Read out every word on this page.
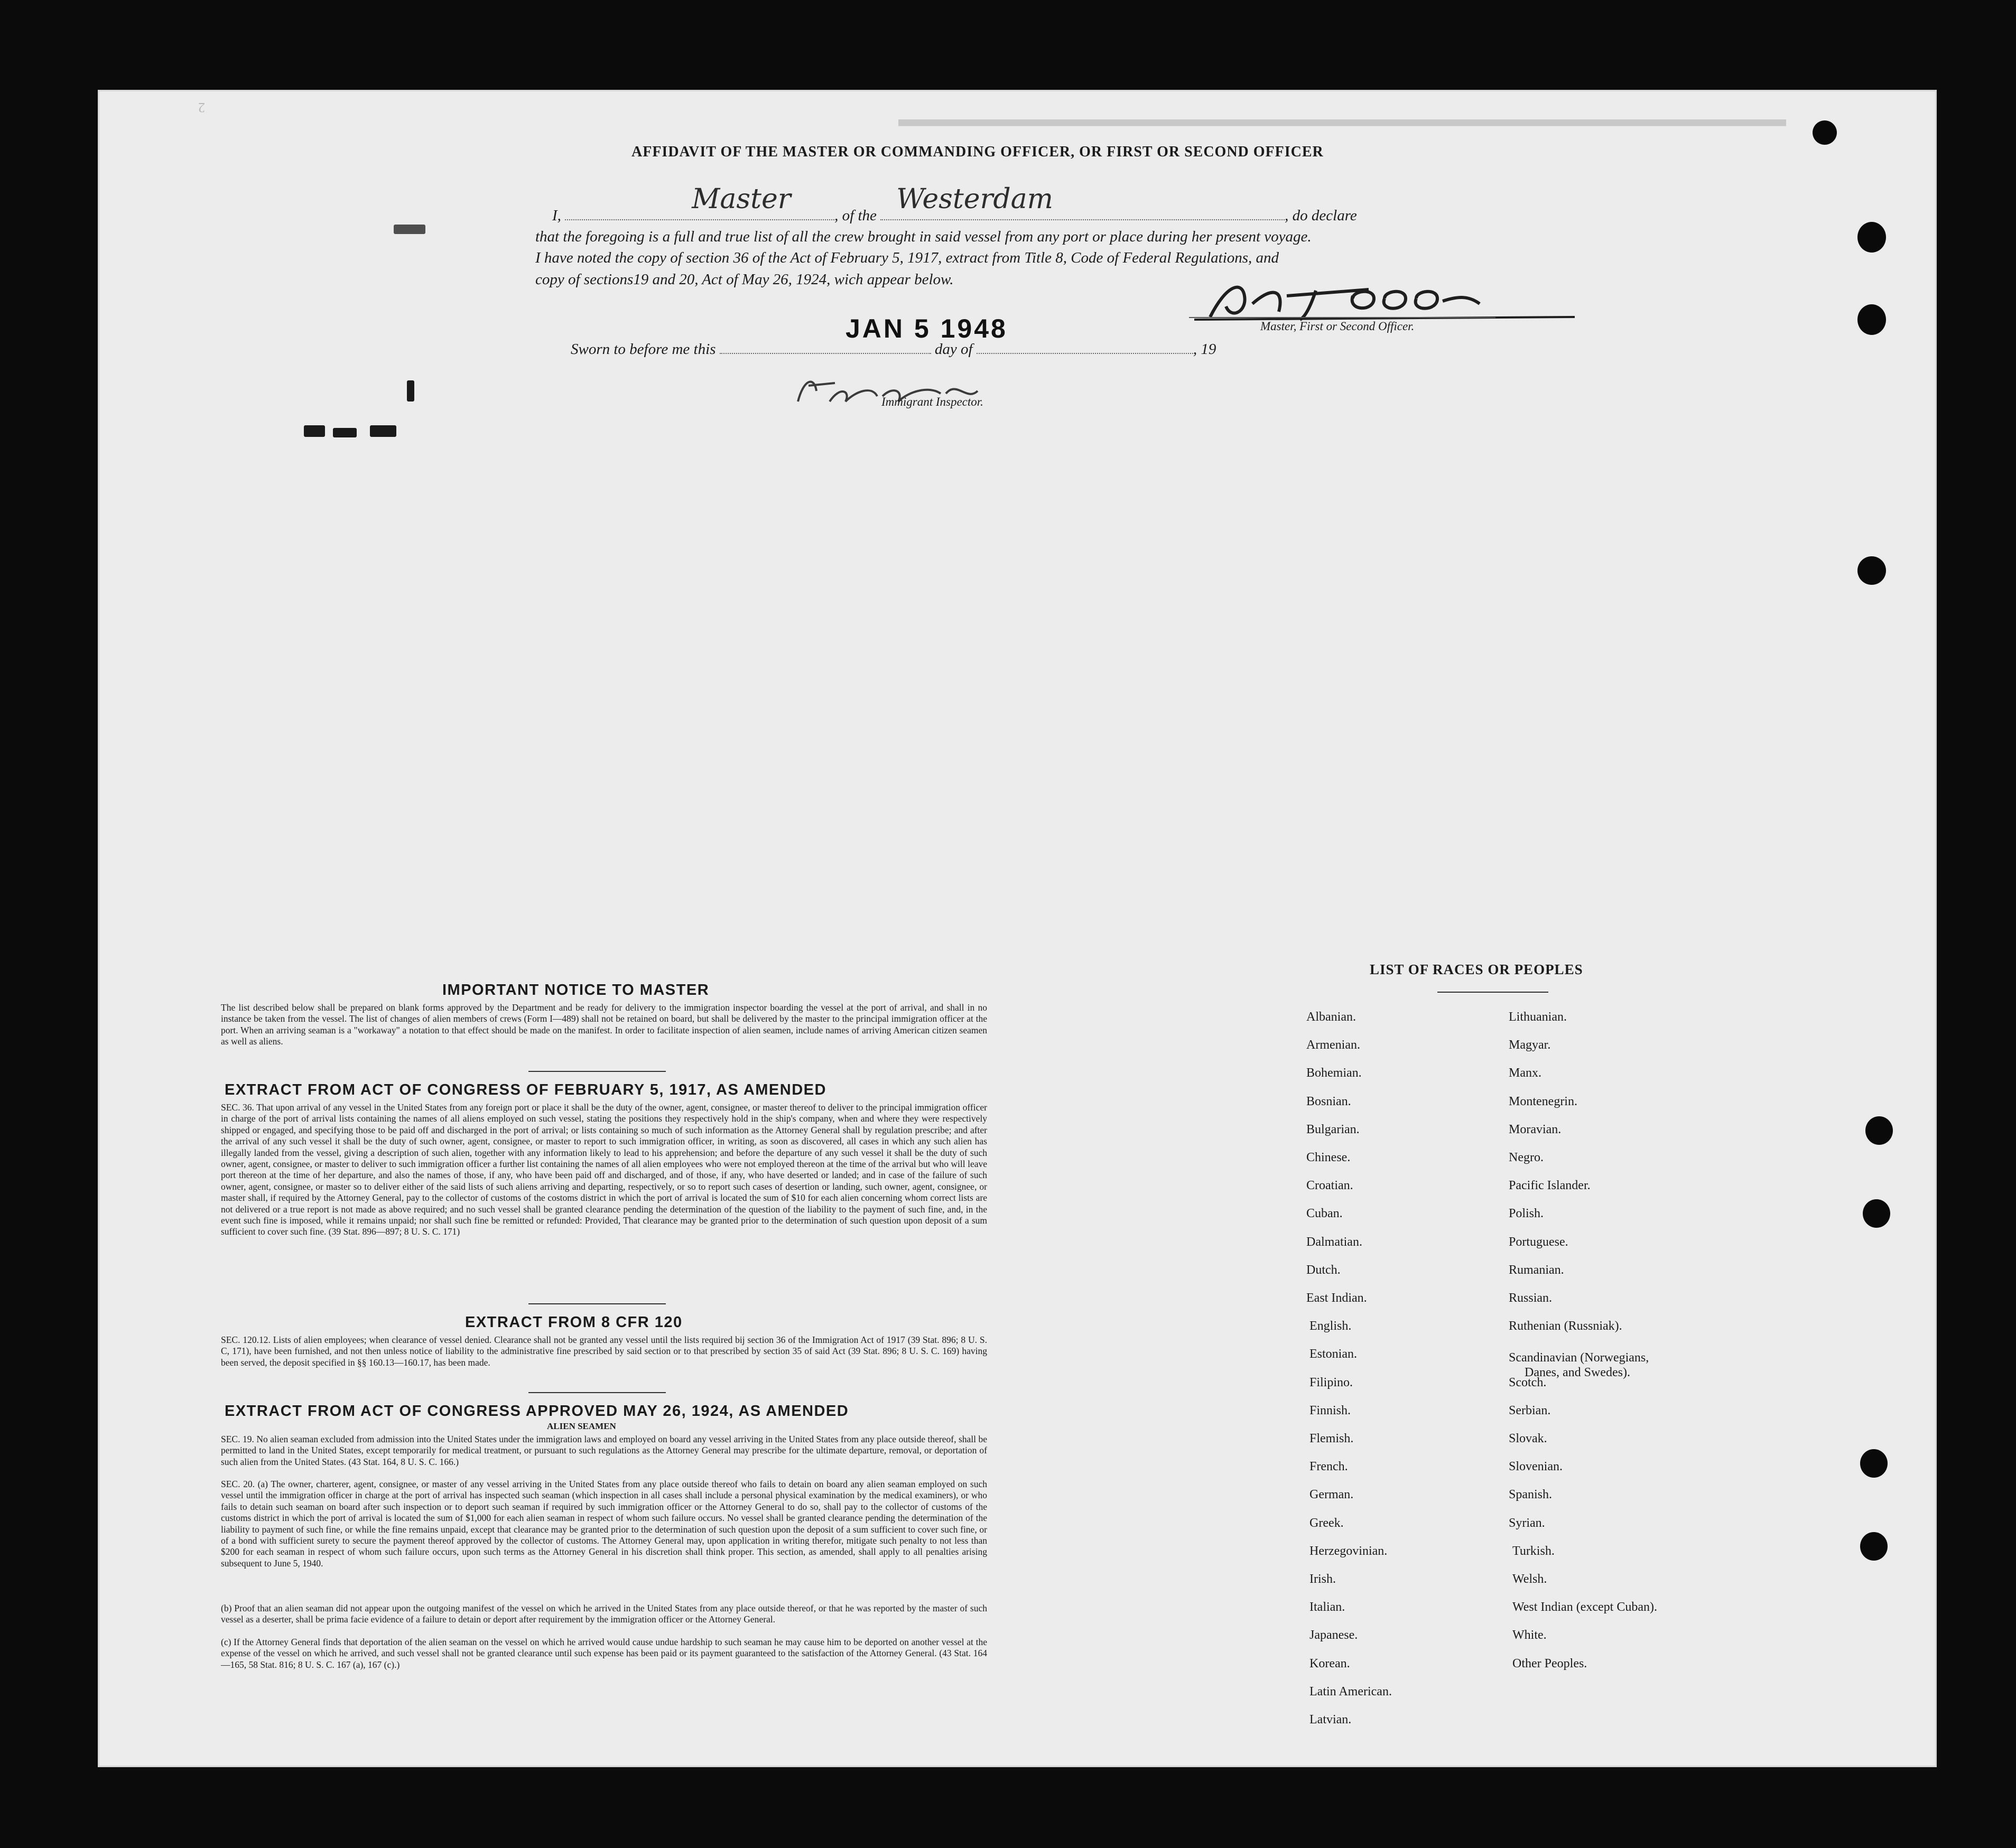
2
▬▬▬▬▬▬▬▬▬▬▬▬▬▬▬▬▬▬▬▬▬▬▬▬▬▬▬▬▬▬▬▬▬▬▬▬▬▬▬▬
AFFIDAVIT OF THE MASTER OR COMMANDING OFFICER, OR FIRST OR SECOND OFFICER
I,
Master
, of the
Westerdam
, do declare
that the foregoing is a full and true list of all the crew brought in said vessel from any port or place during her present voyage.
I have noted the copy of section 36 of the Act of February 5, 1917, extract from Title 8, Code of Federal Regulations, and
copy of sections19 and 20, Act of May 26, 1924, wich appear below.
Master, First or Second Officer.
Sworn to before me this	day of	, 19
JAN 5 1948
Immigrant Inspector.
IMPORTANT NOTICE TO MASTER
The list described below shall be prepared on blank forms approved by the Department and be ready for delivery to the immigration inspector boarding the vessel at the port of arrival, and shall in no instance be taken from the vessel. The list of changes of alien members of crews (Form I—489) shall not be retained on board, but shall be delivered by the master to the principal immigration officer at the port. When an arriving seaman is a "workaway" a notation to that effect should be made on the manifest. In order to facilitate inspection of alien seamen, include names of arriving American citizen seamen as well as aliens.
EXTRACT FROM ACT OF CONGRESS OF FEBRUARY 5, 1917, AS AMENDED
SEC. 36. That upon arrival of any vessel in the United States from any foreign port or place it shall be the duty of the owner, agent, consignee, or master thereof to deliver to the principal immigration officer in charge of the port of arrival lists containing the names of all aliens employed on such vessel, stating the positions they respectively hold in the ship's company, when and where they were respectively shipped or engaged, and specifying those to be paid off and discharged in the port of arrival; or lists containing so much of such information as the Attorney General shall by regulation prescribe; and after the arrival of any such vessel it shall be the duty of such owner, agent, consignee, or master to report to such immigration officer, in writing, as soon as discovered, all cases in which any such alien has illegally landed from the vessel, giving a description of such alien, together with any information likely to lead to his apprehension; and before the departure of any such vessel it shall be the duty of such owner, agent, consignee, or master to deliver to such immigration officer a further list containing the names of all alien employees who were not employed thereon at the time of the arrival but who will leave port thereon at the time of her departure, and also the names of those, if any, who have been paid off and discharged, and of those, if any, who have deserted or landed; and in case of the failure of such owner, agent, consignee, or master so to deliver either of the said lists of such aliens arriving and departing, respectively, or so to report such cases of desertion or landing, such owner, agent, consignee, or master shall, if required by the Attorney General, pay to the collector of customs of the costoms district in which the port of arrival is located the sum of $10 for each alien concerning whom correct lists are not delivered or a true report is not made as above required; and no such vessel shall be granted clearance pending the determination of the question of the liability to the payment of such fine, and, in the event such fine is imposed, while it remains unpaid; nor shall such fine be remitted or refunded: Provided, That clearance may be granted prior to the determination of such question upon deposit of a sum sufficient to cover such fine. (39 Stat. 896—897; 8 U. S. C. 171)
EXTRACT FROM 8 CFR 120
SEC. 120.12. Lists of alien employees; when clearance of vessel denied. Clearance shall not be granted any vessel until the lists required bij section 36 of the Immigration Act of 1917 (39 Stat. 896; 8 U. S. C, 171), have been furnished, and not then unless notice of liability to the administrative fine prescribed by said section or to that prescribed by section 35 of said Act (39 Stat. 896; 8 U. S. C. 169) having been served, the deposit specified in §§ 160.13—160.17, has been made.
EXTRACT FROM ACT OF CONGRESS APPROVED MAY 26, 1924, AS AMENDED
ALIEN SEAMEN
SEC. 19. No alien seaman excluded from admission into the United States under the immigration laws and employed on board any vessel arriving in the United States from any place outside thereof, shall be permitted to land in the United States, except temporarily for medical treatment, or pursuant to such regulations as the Attorney General may prescribe for the ultimate departure, removal, or deportation of such alien from the United States. (43 Stat. 164, 8 U. S. C. 166.)
SEC. 20. (a) The owner, charterer, agent, consignee, or master of any vessel arriving in the United States from any place outside thereof who fails to detain on board any alien seaman employed on such vessel until the immigration officer in charge at the port of arrival has inspected such seaman (which inspection in all cases shall include a personal physical examination by the medical examiners), or who fails to detain such seaman on board after such inspection or to deport such seaman if required by such immigration officer or the Attorney General to do so, shall pay to the collector of customs of the customs district in which the port of arrival is located the sum of $1,000 for each alien seaman in respect of whom such failure occurs. No vessel shall be granted clearance pending the determination of the liability to payment of such fine, or while the fine remains unpaid, except that clearance may be granted prior to the determination of such question upon the deposit of a sum sufficient to cover such fine, or of a bond with sufficient surety to secure the payment thereof approved by the collector of customs. The Attorney General may, upon application in writing therefor, mitigate such penalty to not less than $200 for each seaman in respect of whom such failure occurs, upon such terms as the Attorney General in his discretion shall think proper. This section, as amended, shall apply to all penalties arising subsequent to June 5, 1940.
(b) Proof that an alien seaman did not appear upon the outgoing manifest of the vessel on which he arrived in the United States from any place outside thereof, or that he was reported by the master of such vessel as a deserter, shall be prima facie evidence of a failure to detain or deport after requirement by the immigration officer or the Attorney General.
(c) If the Attorney General finds that deportation of the alien seaman on the vessel on which he arrived would cause undue hardship to such seaman he may cause him to be deported on another vessel at the expense of the vessel on which he arrived, and such vessel shall not be granted clearance until such expense has been paid or its payment guaranteed to the satisfaction of the Attorney General. (43 Stat. 164—165, 58 Stat. 816; 8 U. S. C. 167 (a), 167 (c).)
LIST OF RACES OR PEOPLES
Albanian.
Armenian.
Bohemian.
Bosnian.
Bulgarian.
Chinese.
Croatian.
Cuban.
Dalmatian.
Dutch.
East Indian.
English.
Estonian.
Filipino.
Finnish.
Flemish.
French.
German.
Greek.
Herzegovinian.
Irish.
Italian.
Japanese.
Korean.
Latin American.
Latvian.
Lithuanian.
Magyar.
Manx.
Montenegrin.
Moravian.
Negro.
Pacific Islander.
Polish.
Portuguese.
Rumanian.
Russian.
Ruthenian (Russniak).
Scandinavian (Norwegians,
Danes, and Swedes).
Scotch.
Serbian.
Slovak.
Slovenian.
Spanish.
Syrian.
Turkish.
Welsh.
West Indian (except Cuban).
White.
Other Peoples.
